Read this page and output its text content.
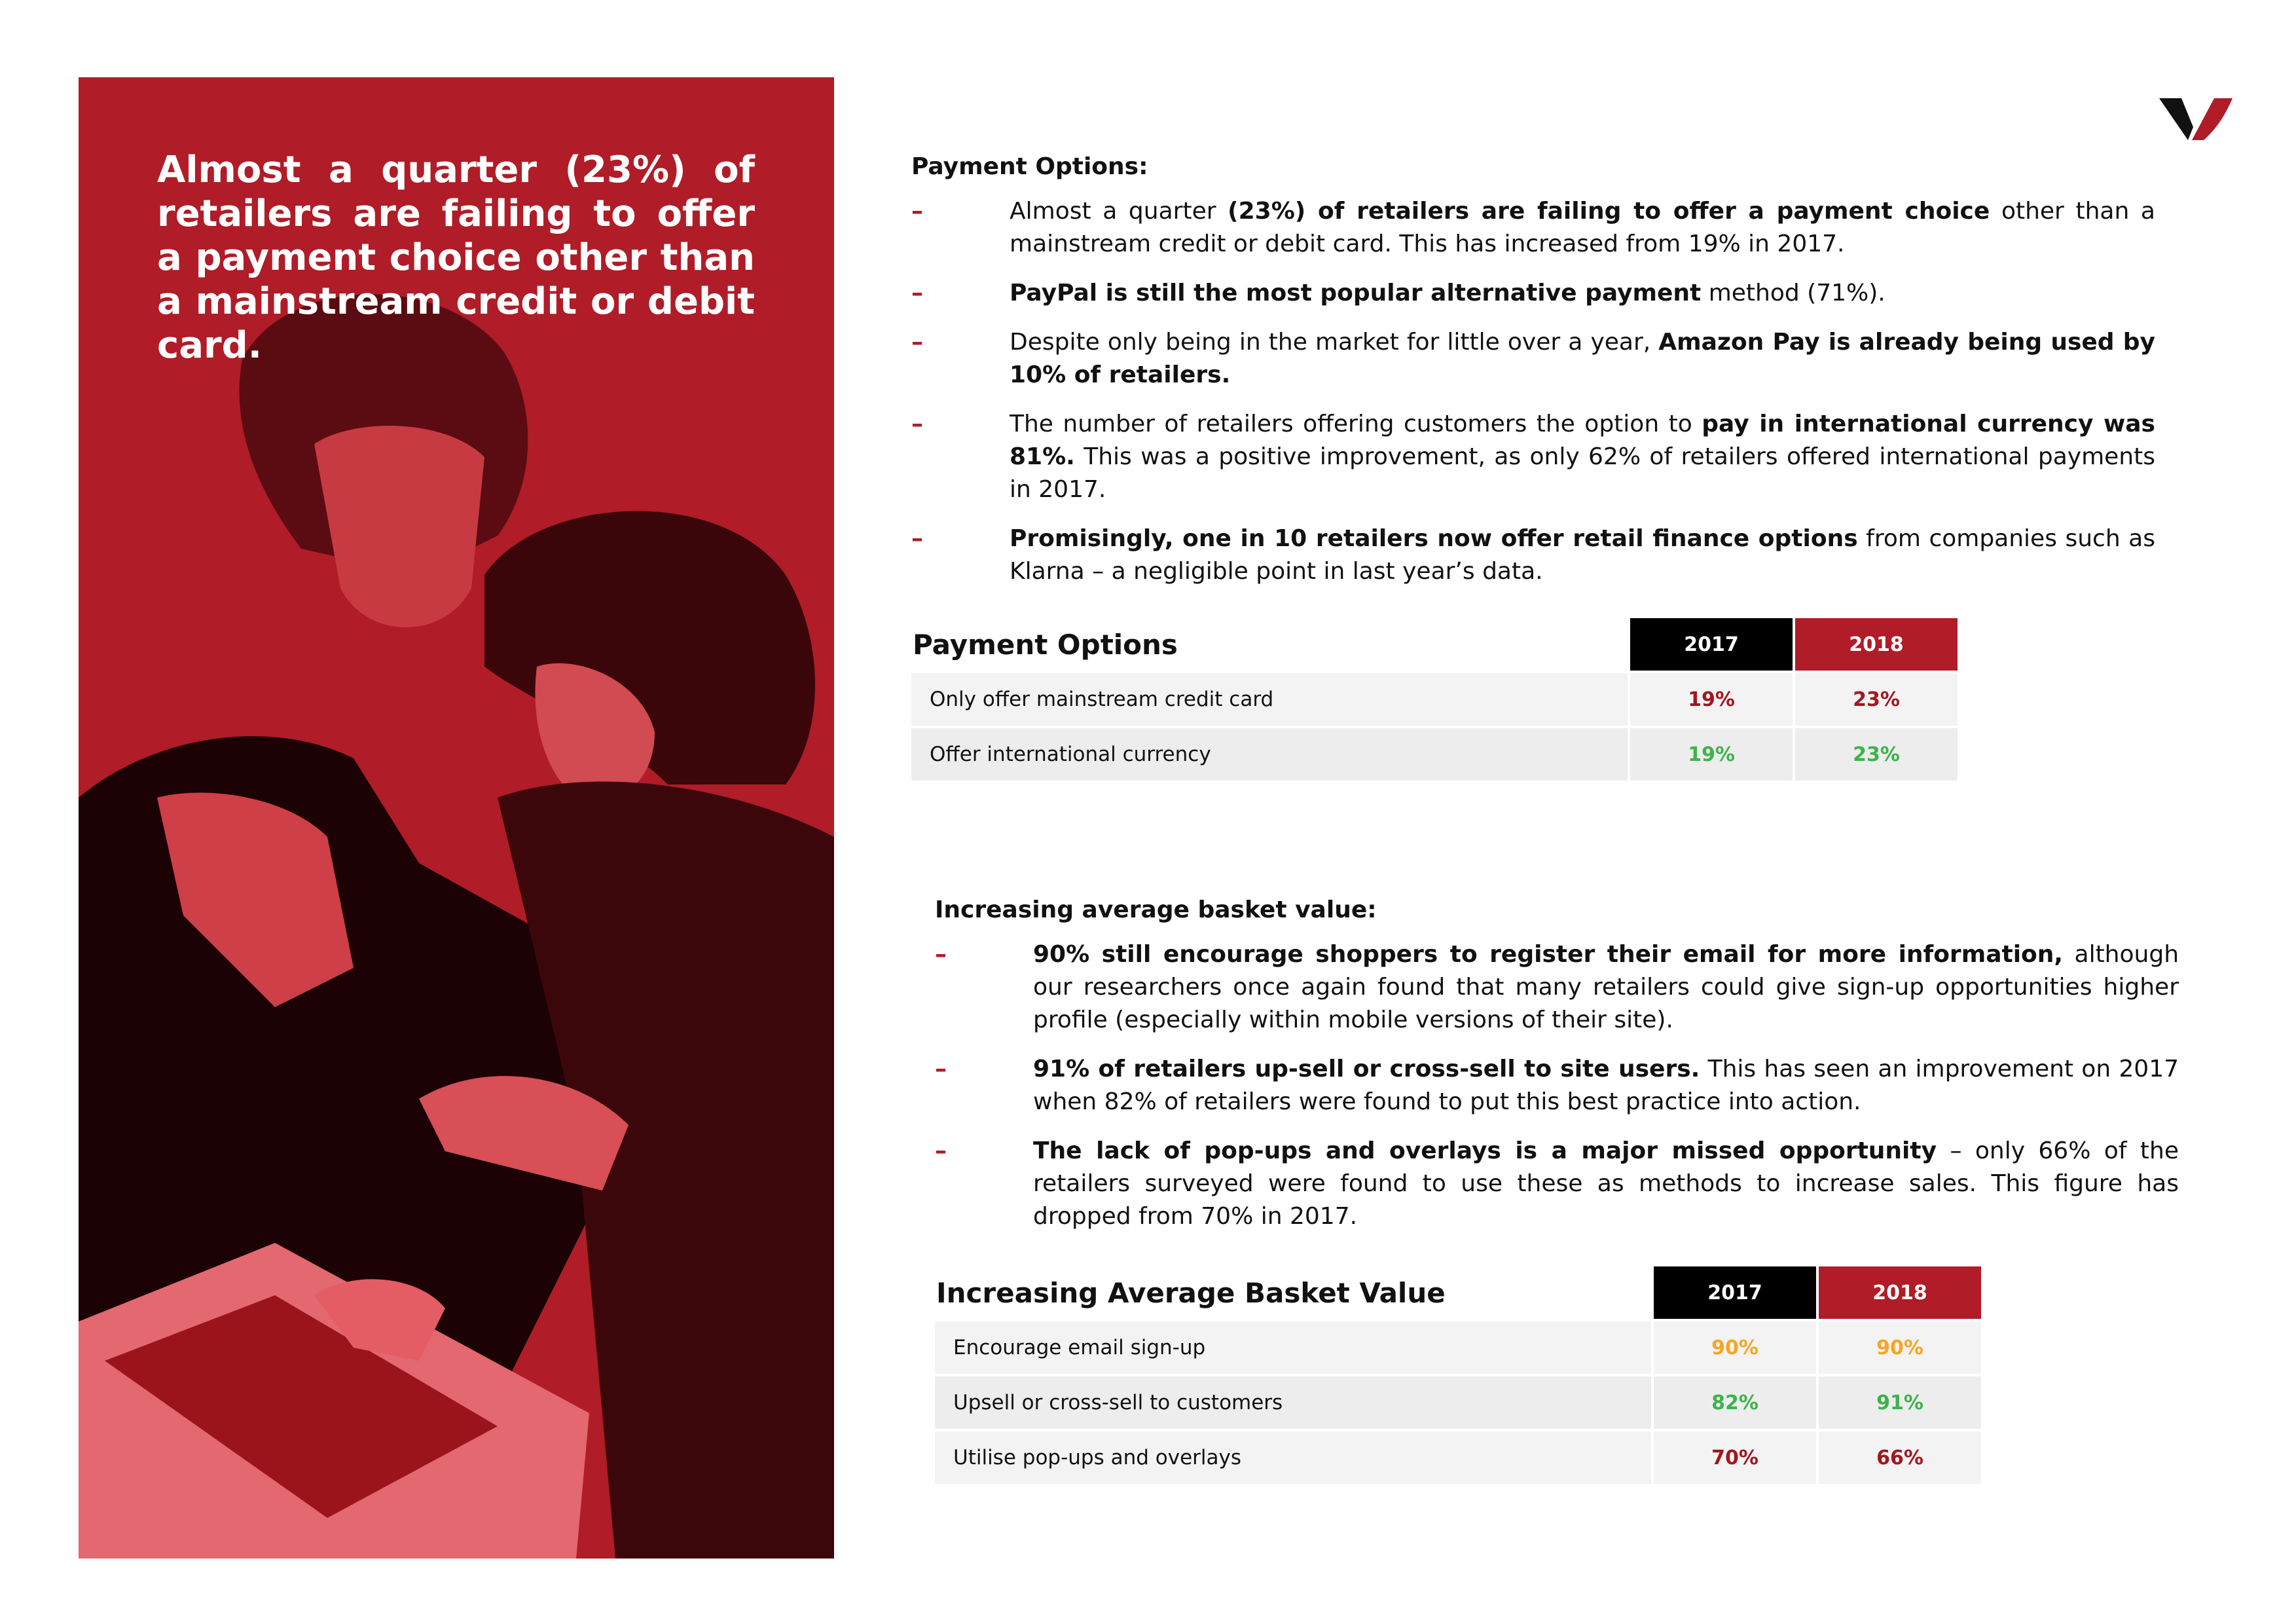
Almost a quarter (23%) of retailers are failing to offer a payment choice other than a mainstream credit or debit card.

Payment Options:

–	Almost a quarter (23%) of retailers are failing to offer a payment choice other than a mainstream credit or debit card. This has increased from 19% in 2017.
–	PayPal is still the most popular alternative payment method (71%).
–	Despite only being in the market for little over a year, Amazon Pay is already being used by 10% of retailers.
–	The number of retailers offering customers the option to pay in international currency was 81%. This was a positive improvement, as only 62% of retailers offered international payments in 2017.
–	Promisingly, one in 10 retailers now offer retail finance options from companies such as Klarna – a negligible point in last year’s data.
Payment Options	2017	2018
Only offer mainstream credit card	19%	23%
Offer international currency	19%	23%

Increasing average basket value:

–	90% still encourage shoppers to register their email for more information, although our researchers once again found that many retailers could give sign-up opportunities higher profile (especially within mobile versions of their site).
–	91% of retailers up-sell or cross-sell to site users. This has seen an improvement on 2017 when 82% of retailers were found to put this best practice into action.
–	The lack of pop-ups and overlays is a major missed opportunity – only 66% of the retailers surveyed were found to use these as methods to increase sales. This figure has dropped from 70% in 2017.
Increasing Average Basket Value	2017	2018
Encourage email sign-up	90%	90%
Upsell or cross-sell to customers	82%	91%
Utilise pop-ups and overlays	70%	66%
